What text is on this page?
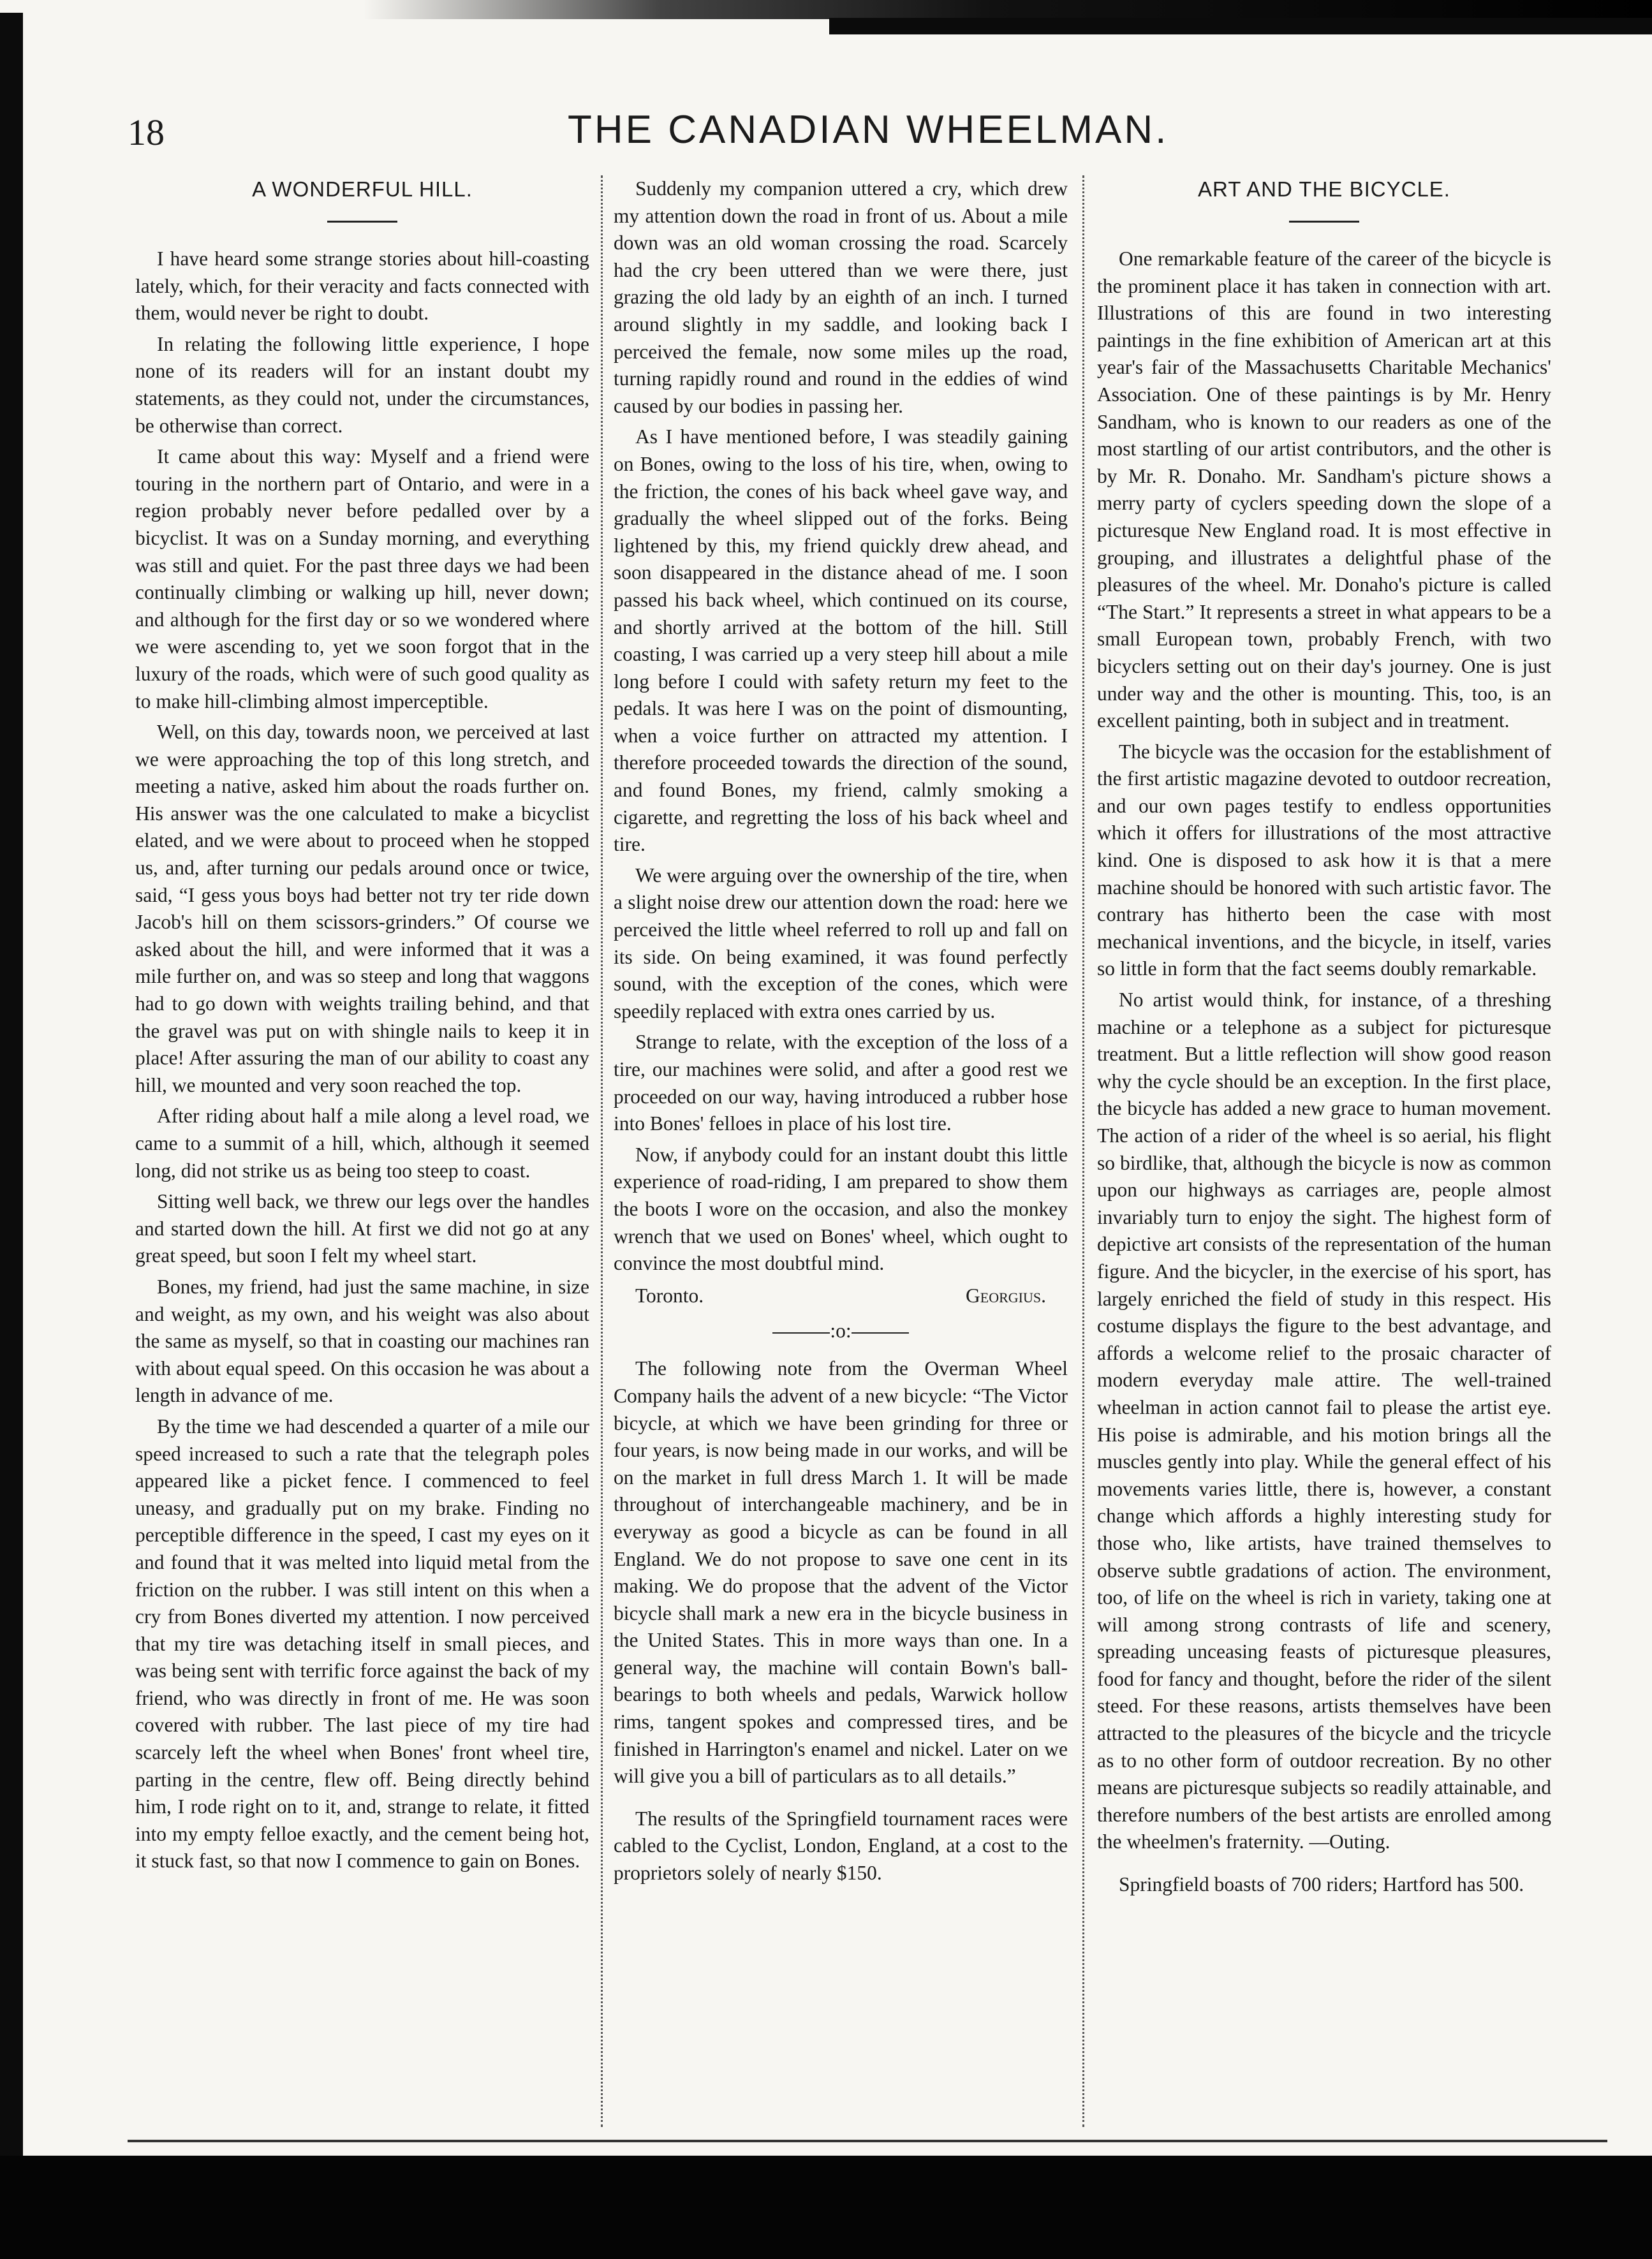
18	THE CANADIAN WHEELMAN.
A WONDERFUL HILL.

I have heard some strange stories about hill-coasting lately, which, for their veracity and facts connected with them, would never be right to doubt.

In relating the following little experience, I hope none of its readers will for an instant doubt my statements, as they could not, under the circumstances, be otherwise than correct.

It came about this way: Myself and a friend were touring in the northern part of Ontario, and were in a region probably never before pedalled over by a bicyclist. It was on a Sunday morning, and everything was still and quiet. For the past three days we had been continually climbing or walking up hill, never down; and although for the first day or so we wondered where we were ascending to, yet we soon forgot that in the luxury of the roads, which were of such good quality as to make hill-climbing almost imperceptible.

Well, on this day, towards noon, we perceived at last we were approaching the top of this long stretch, and meeting a native, asked him about the roads further on. His answer was the one calculated to make a bicyclist elated, and we were about to proceed when he stopped us, and, after turning our pedals around once or twice, said, “I gess yous boys had better not try ter ride down Jacob's hill on them scissors-grinders.” Of course we asked about the hill, and were informed that it was a mile further on, and was so steep and long that waggons had to go down with weights trailing behind, and that the gravel was put on with shingle nails to keep it in place! After assuring the man of our ability to coast any hill, we mounted and very soon reached the top.

After riding about half a mile along a level road, we came to a summit of a hill, which, although it seemed long, did not strike us as being too steep to coast.

Sitting well back, we threw our legs over the handles and started down the hill. At first we did not go at any great speed, but soon I felt my wheel start.

Bones, my friend, had just the same machine, in size and weight, as my own, and his weight was also about the same as myself, so that in coasting our machines ran with about equal speed. On this occasion he was about a length in advance of me.

By the time we had descended a quarter of a mile our speed increased to such a rate that the telegraph poles appeared like a picket fence. I commenced to feel uneasy, and gradually put on my brake. Finding no perceptible difference in the speed, I cast my eyes on it and found that it was melted into liquid metal from the friction on the rubber. I was still intent on this when a cry from Bones diverted my attention. I now perceived that my tire was detaching itself in small pieces, and was being sent with terrific force against the back of my friend, who was directly in front of me. He was soon covered with rubber. The last piece of my tire had scarcely left the wheel when Bones' front wheel tire, parting in the centre, flew off. Being directly behind him, I rode right on to it, and, strange to relate, it fitted into my empty felloe exactly, and the cement being hot, it stuck fast, so that now I commence to gain on Bones.

Suddenly my companion uttered a cry, which drew my attention down the road in front of us. About a mile down was an old woman crossing the road. Scarcely had the cry been uttered than we were there, just grazing the old lady by an eighth of an inch. I turned around slightly in my saddle, and looking back I perceived the female, now some miles up the road, turning rapidly round and round in the eddies of wind caused by our bodies in passing her.

As I have mentioned before, I was steadily gaining on Bones, owing to the loss of his tire, when, owing to the friction, the cones of his back wheel gave way, and gradually the wheel slipped out of the forks. Being lightened by this, my friend quickly drew ahead, and soon disappeared in the distance ahead of me. I soon passed his back wheel, which continued on its course, and shortly arrived at the bottom of the hill. Still coasting, I was carried up a very steep hill about a mile long before I could with safety return my feet to the pedals. It was here I was on the point of dismounting, when a voice further on attracted my attention. I therefore proceeded towards the direction of the sound, and found Bones, my friend, calmly smoking a cigarette, and regretting the loss of his back wheel and tire.

We were arguing over the ownership of the tire, when a slight noise drew our attention down the road: here we perceived the little wheel referred to roll up and fall on its side. On being examined, it was found perfectly sound, with the exception of the cones, which were speedily replaced with extra ones carried by us.

Strange to relate, with the exception of the loss of a tire, our machines were solid, and after a good rest we proceeded on our way, having introduced a rubber hose into Bones' felloes in place of his lost tire.

Now, if anybody could for an instant doubt this little experience of road-riding, I am prepared to show them the boots I wore on the occasion, and also the monkey wrench that we used on Bones' wheel, which ought to convince the most doubtful mind.

Toronto.	Georgius.
:o:

The following note from the Overman Wheel Company hails the advent of a new bicycle: “The Victor bicycle, at which we have been grinding for three or four years, is now being made in our works, and will be on the market in full dress March 1. It will be made throughout of interchangeable machinery, and be in everyway as good a bicycle as can be found in all England. We do not propose to save one cent in its making. We do propose that the advent of the Victor bicycle shall mark a new era in the bicycle business in the United States. This in more ways than one. In a general way, the machine will contain Bown's ball-bearings to both wheels and pedals, Warwick hollow rims, tangent spokes and compressed tires, and be finished in Harrington's enamel and nickel. Later on we will give you a bill of particulars as to all details.”

The results of the Springfield tournament races were cabled to the Cyclist, London, England, at a cost to the proprietors solely of nearly $150.

ART AND THE BICYCLE.

One remarkable feature of the career of the bicycle is the prominent place it has taken in connection with art. Illustrations of this are found in two interesting paintings in the fine exhibition of American art at this year's fair of the Massachusetts Charitable Mechanics' Association. One of these paintings is by Mr. Henry Sandham, who is known to our readers as one of the most startling of our artist contributors, and the other is by Mr. R. Donaho. Mr. Sandham's picture shows a merry party of cyclers speeding down the slope of a picturesque New England road. It is most effective in grouping, and illustrates a delightful phase of the pleasures of the wheel. Mr. Donaho's picture is called “The Start.” It represents a street in what appears to be a small European town, probably French, with two bicyclers setting out on their day's journey. One is just under way and the other is mounting. This, too, is an excellent painting, both in subject and in treatment.

The bicycle was the occasion for the establishment of the first artistic magazine devoted to outdoor recreation, and our own pages testify to endless opportunities which it offers for illustrations of the most attractive kind. One is disposed to ask how it is that a mere machine should be honored with such artistic favor. The contrary has hitherto been the case with most mechanical inventions, and the bicycle, in itself, varies so little in form that the fact seems doubly remarkable.

No artist would think, for instance, of a threshing machine or a telephone as a subject for picturesque treatment. But a little reflection will show good reason why the cycle should be an exception. In the first place, the bicycle has added a new grace to human movement. The action of a rider of the wheel is so aerial, his flight so birdlike, that, although the bicycle is now as common upon our highways as carriages are, people almost invariably turn to enjoy the sight. The highest form of depictive art consists of the representation of the human figure. And the bicycler, in the exercise of his sport, has largely enriched the field of study in this respect. His costume displays the figure to the best advantage, and affords a welcome relief to the prosaic character of modern everyday male attire. The well-trained wheelman in action cannot fail to please the artist eye. His poise is admirable, and his motion brings all the muscles gently into play. While the general effect of his movements varies little, there is, however, a constant change which affords a highly interesting study for those who, like artists, have trained themselves to observe subtle gradations of action. The environment, too, of life on the wheel is rich in variety, taking one at will among strong contrasts of life and scenery, spreading unceasing feasts of picturesque pleasures, food for fancy and thought, before the rider of the silent steed. For these reasons, artists themselves have been attracted to the pleasures of the bicycle and the tricycle as to no other form of outdoor recreation. By no other means are picturesque subjects so readily attainable, and therefore numbers of the best artists are enrolled among the wheelmen's fraternity. —Outing.

Springfield boasts of 700 riders; Hartford has 500.
